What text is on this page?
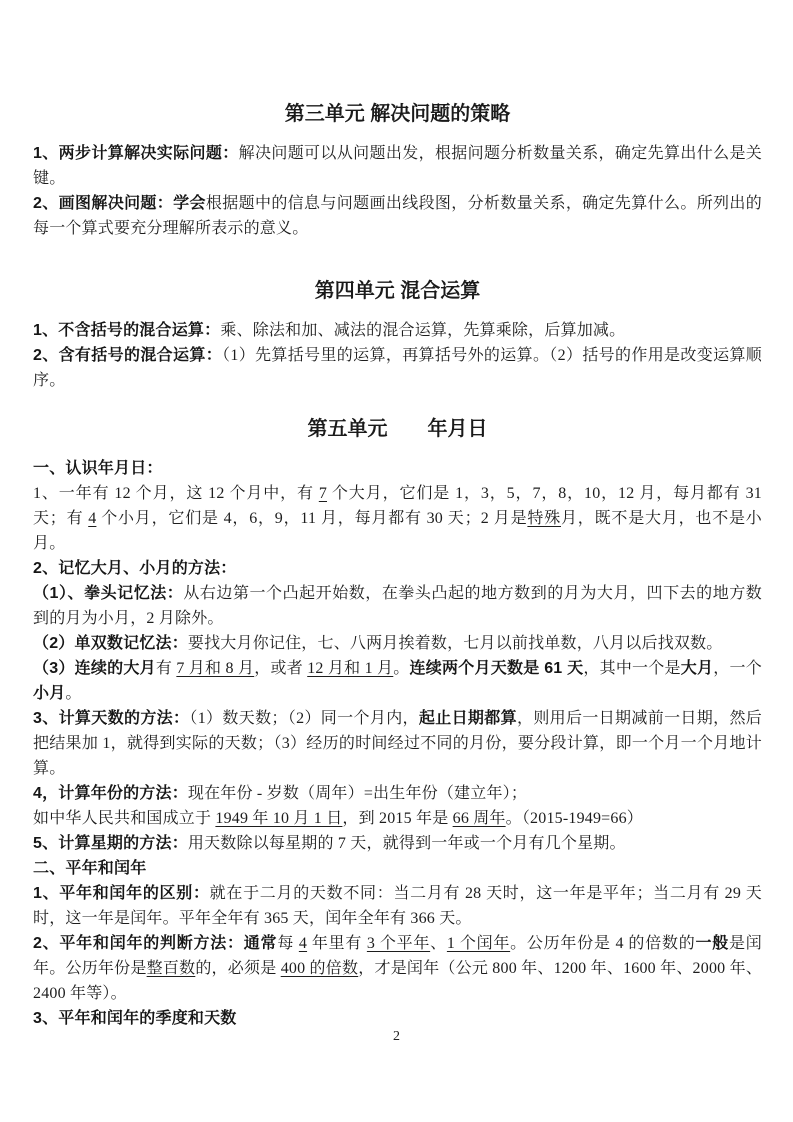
第三单元 解决问题的策略

1、两步计算解决实际问题：解决问题可以从问题出发，根据问题分析数量关系，确定先算出什么是关键。

2、画图解决问题：学会根据题中的信息与问题画出线段图，分析数量关系，确定先算什么。所列出的每一个算式要充分理解所表示的意义。

第四单元 混合运算

1、不含括号的混合运算：乘、除法和加、减法的混合运算，先算乘除，后算加减。

2、含有括号的混合运算：（1）先算括号里的运算，再算括号外的运算。（2）括号的作用是改变运算顺序。

第五单元　　年月日

一、认识年月日：

1、一年有 12 个月，这 12 个月中，有 7 个大月，它们是 1，3，5，7，8，10，12 月，每月都有 31 天；有 4 个小月，它们是 4，6，9，11 月，每月都有 30 天；2 月是特殊月，既不是大月，也不是小月。

2、记忆大月、小月的方法：

（1）、拳头记忆法：从右边第一个凸起开始数，在拳头凸起的地方数到的月为大月，凹下去的地方数到的月为小月，2 月除外。

（2）单双数记忆法：要找大月你记住，七、八两月挨着数，七月以前找单数，八月以后找双数。

（3）连续的大月有 7 月和 8 月，或者 12 月和 1 月。连续两个月天数是 61 天，其中一个是大月，一个小月。

3、计算天数的方法：（1）数天数；（2）同一个月内，起止日期都算，则用后一日期减前一日期，然后把结果加 1，就得到实际的天数；（3）经历的时间经过不同的月份，要分段计算，即一个月一个月地计算。

4，计算年份的方法：现在年份 - 岁数（周年）=出生年份（建立年）；

如中华人民共和国成立于 1949 年 10 月 1 日，到 2015 年是 66 周年。（2015-1949=66）

5、计算星期的方法：用天数除以每星期的 7 天，就得到一年或一个月有几个星期。

二、平年和闰年

1、平年和闰年的区别：就在于二月的天数不同：当二月有 28 天时，这一年是平年；当二月有 29 天时，这一年是闰年。平年全年有 365 天，闰年全年有 366 天。

2、平年和闰年的判断方法：通常每 4 年里有 3 个平年、1 个闰年。公历年份是 4 的倍数的一般是闰年。公历年份是整百数的，必须是 400 的倍数，才是闰年（公元 800 年、1200 年、1600 年、2000 年、2400 年等）。

3、平年和闰年的季度和天数

2
